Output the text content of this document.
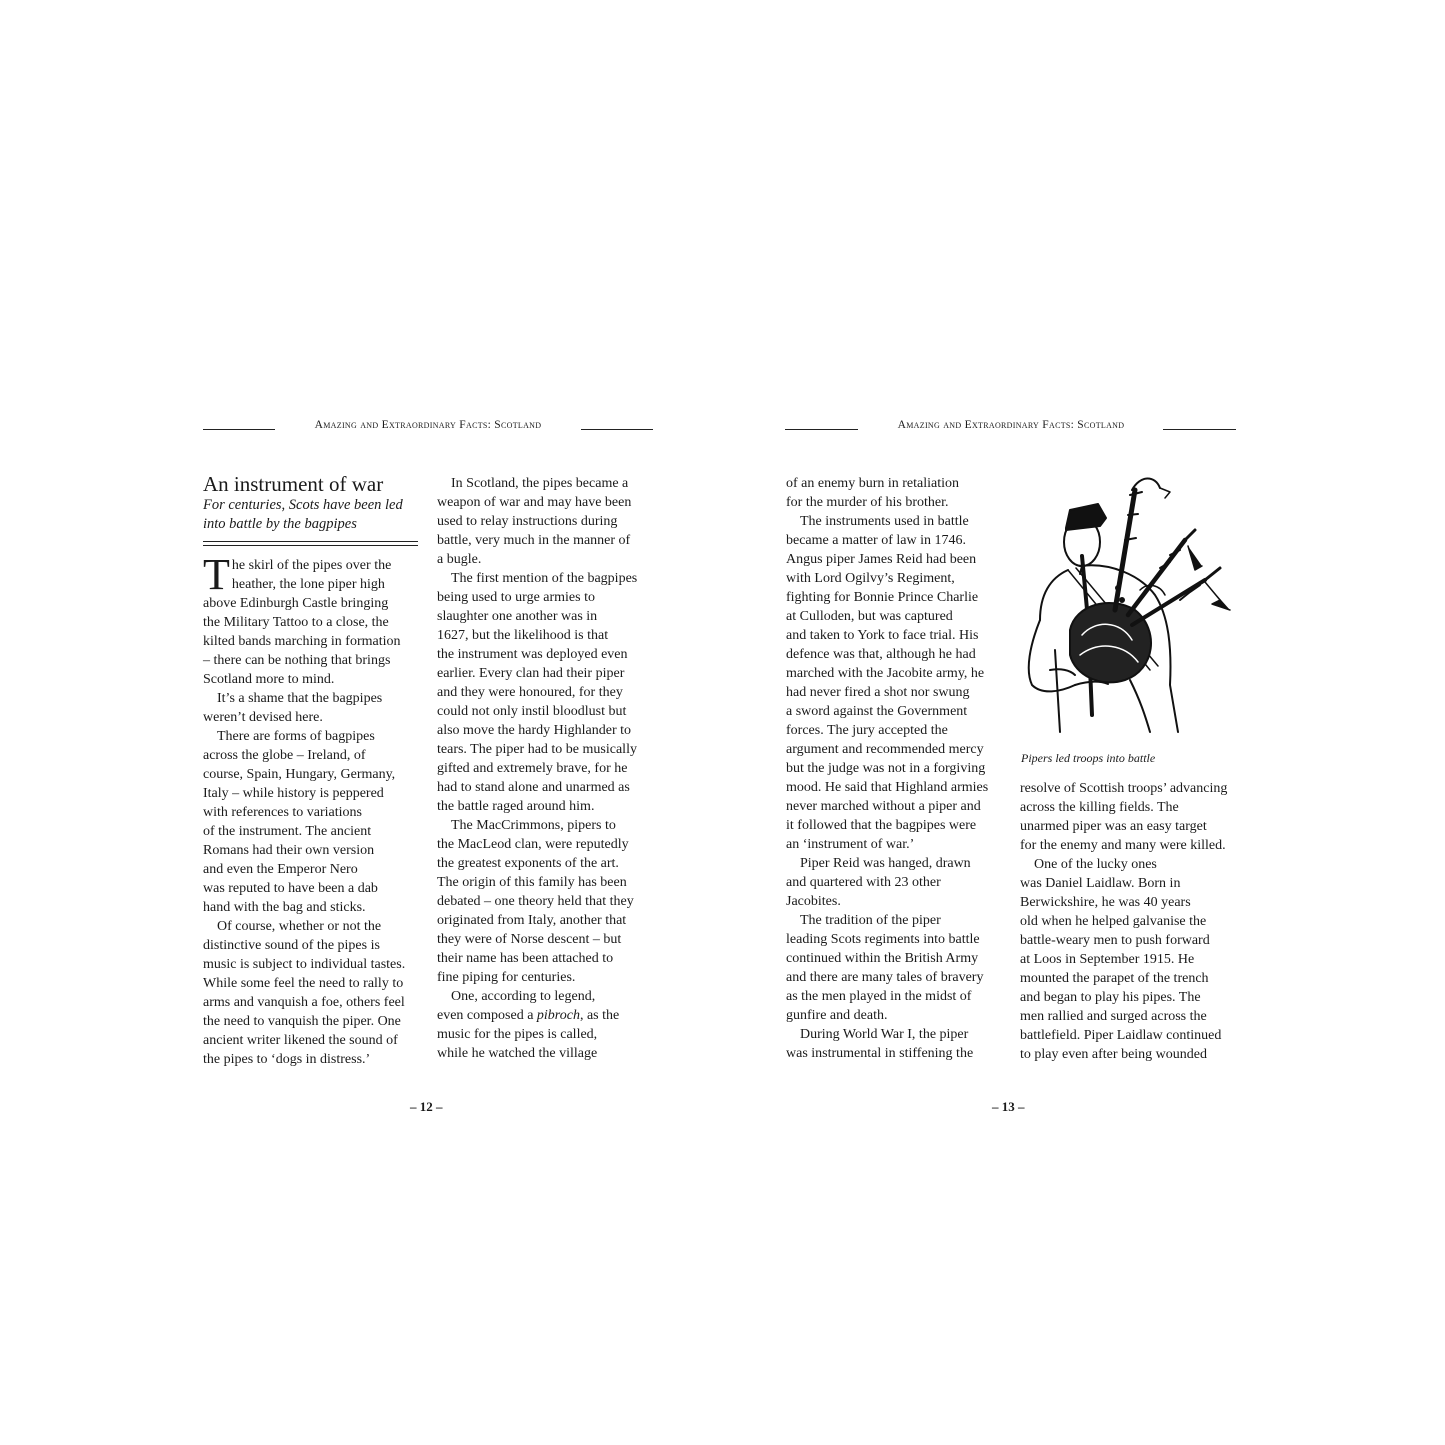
Amazing and Extraordinary Facts: Scotland
An instrument of war
For centuries, Scots have been led
into battle by the bagpipes
T he skirl of the pipes over the
heather, the lone piper high
above Edinburgh Castle bringing
the Military Tattoo to a close, the
kilted bands marching in formation
– there can be nothing that brings
Scotland more to mind.
It’s a shame that the bagpipes
weren’t devised here.
There are forms of bagpipes
across the globe – Ireland, of
course, Spain, Hungary, Germany,
Italy – while history is peppered
with references to variations
of the instrument. The ancient
Romans had their own version
and even the Emperor Nero
was reputed to have been a dab
hand with the bag and sticks.
Of course, whether or not the
distinctive sound of the pipes is
music is subject to individual tastes.
While some feel the need to rally to
arms and vanquish a foe, others feel
the need to vanquish the piper. One
ancient writer likened the sound of
the pipes to ‘dogs in distress.’
In Scotland, the pipes became a
weapon of war and may have been
used to relay instructions during
battle, very much in the manner of
a bugle.
The first mention of the bagpipes
being used to urge armies to
slaughter one another was in
1627, but the likelihood is that
the instrument was deployed even
earlier. Every clan had their piper
and they were honoured, for they
could not only instil bloodlust but
also move the hardy Highlander to
tears. The piper had to be musically
gifted and extremely brave, for he
had to stand alone and unarmed as
the battle raged around him.
The MacCrimmons, pipers to
the MacLeod clan, were reputedly
the greatest exponents of the art.
The origin of this family has been
debated – one theory held that they
originated from Italy, another that
they were of Norse descent – but
their name has been attached to
fine piping for centuries.
One, according to legend,
even composed a pibroch, as the
music for the pipes is called,
while he watched the village
– 12 –
Amazing and Extraordinary Facts: Scotland
of an enemy burn in retaliation
for the murder of his brother.
The instruments used in battle
became a matter of law in 1746.
Angus piper James Reid had been
with Lord Ogilvy’s Regiment,
fighting for Bonnie Prince Charlie
at Culloden, but was captured
and taken to York to face trial. His
defence was that, although he had
marched with the Jacobite army, he
had never fired a shot nor swung
a sword against the Government
forces. The jury accepted the
argument and recommended mercy
but the judge was not in a forgiving
mood. He said that Highland armies
never marched without a piper and
it followed that the bagpipes were
an ‘instrument of war.’
Piper Reid was hanged, drawn
and quartered with 23 other
Jacobites.
The tradition of the piper
leading Scots regiments into battle
continued within the British Army
and there are many tales of bravery
as the men played in the midst of
gunfire and death.
During World War I, the piper
was instrumental in stiffening the
Pipers led troops into battle
resolve of Scottish troops’ advancing
across the killing fields. The
unarmed piper was an easy target
for the enemy and many were killed.
One of the lucky ones
was Daniel Laidlaw. Born in
Berwickshire, he was 40 years
old when he helped galvanise the
battle-weary men to push forward
at Loos in September 1915. He
mounted the parapet of the trench
and began to play his pipes. The
men rallied and surged across the
battlefield. Piper Laidlaw continued
to play even after being wounded
– 13 –
